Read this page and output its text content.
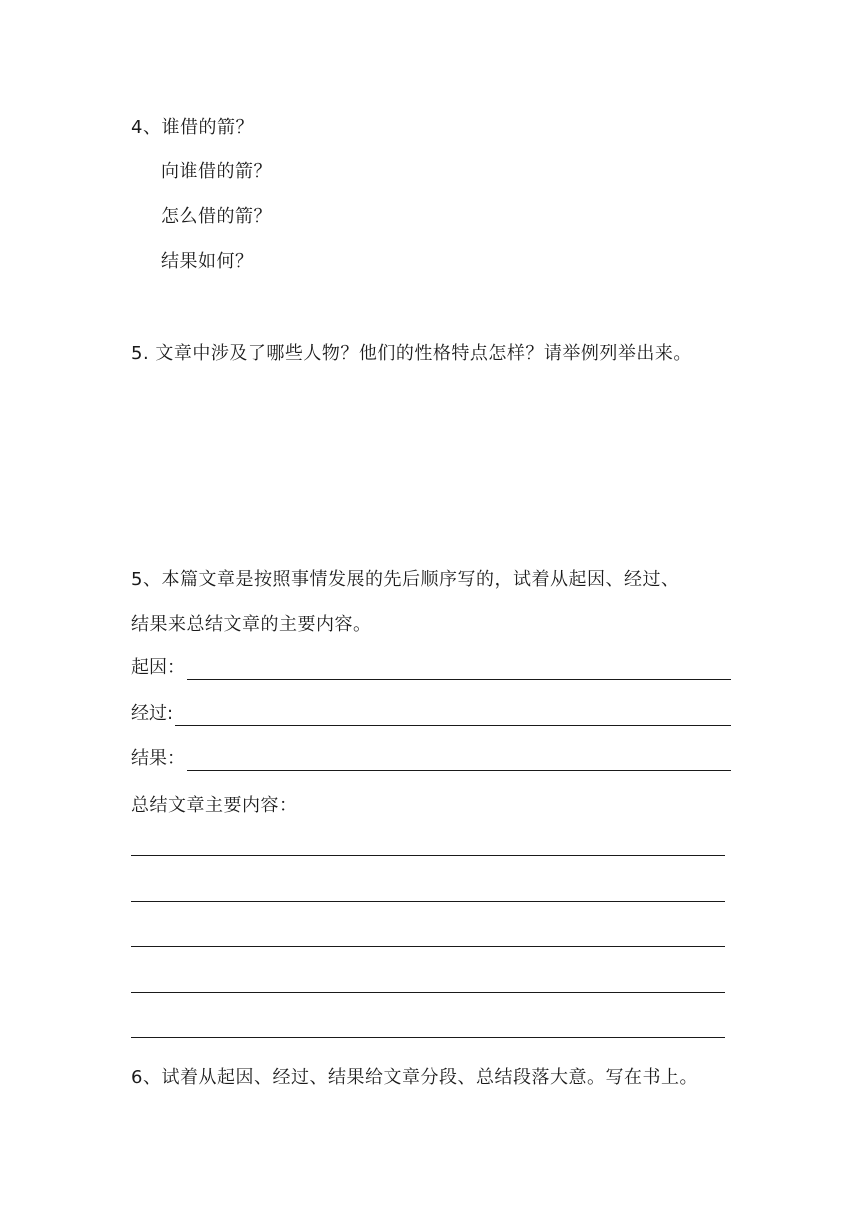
4、谁借的箭？
向谁借的箭？
怎么借的箭？
结果如何？
5. 文章中涉及了哪些人物？他们的性格特点怎样？请举例列举出来。
5、本篇文章是按照事情发展的先后顺序写的，试着从起因、经过、
结果来总结文章的主要内容。
起因：
经过:
结果：
总结文章主要内容：
6、试着从起因、经过、结果给文章分段、总结段落大意。写在书上。
